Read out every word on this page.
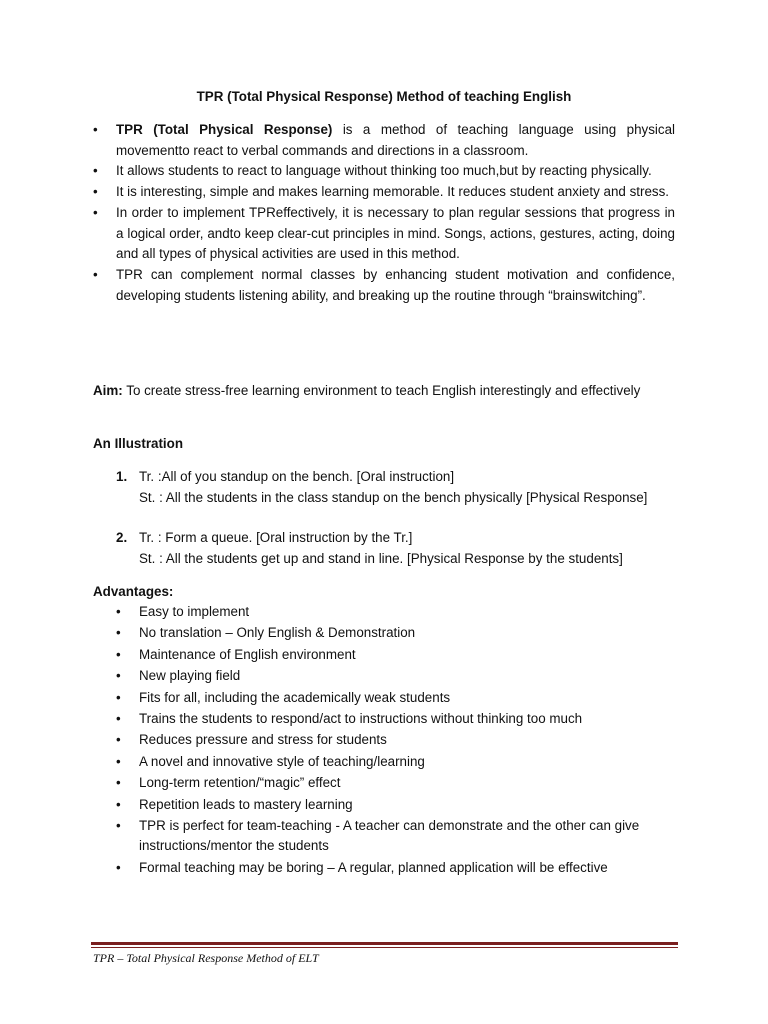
TPR (Total Physical Response) Method of teaching English
• TPR (Total Physical Response) is a method of teaching language using physical movementto react to verbal commands and directions in a classroom.
• It allows students to react to language without thinking too much,but by reacting physically.
• It is interesting, simple and makes learning memorable. It reduces student anxiety and stress.
• In order to implement TPReffectively, it is necessary to plan regular sessions that progress in a logical order, andto keep clear-cut principles in mind. Songs, actions, gestures, acting, doing and all types of physical activities are used in this method.
• TPR can complement normal classes by enhancing student motivation and confidence, developing students listening ability, and breaking up the routine through “brainswitching”.
Aim: To create stress-free learning environment to teach English interestingly and effectively
An Illustration
1. Tr. :All of you standup on the bench. [Oral instruction]
St. : All the students in the class standup on the bench physically [Physical Response]
2. Tr. : Form a queue. [Oral instruction by the Tr.]
St. : All the students get up and stand in line. [Physical Response by the students]
Advantages:
• Easy to implement
• No translation – Only English & Demonstration
• Maintenance of English environment
• New playing field
• Fits for all, including the academically weak students
• Trains the students to respond/act to instructions without thinking too much
• Reduces pressure and stress for students
• A novel and innovative style of teaching/learning
• Long-term retention/“magic” effect
• Repetition leads to mastery learning
• TPR is perfect for team-teaching - A teacher can demonstrate and the other can give instructions/mentor the students
• Formal teaching may be boring – A regular, planned application will be effective
TPR – Total Physical Response Method of ELT
